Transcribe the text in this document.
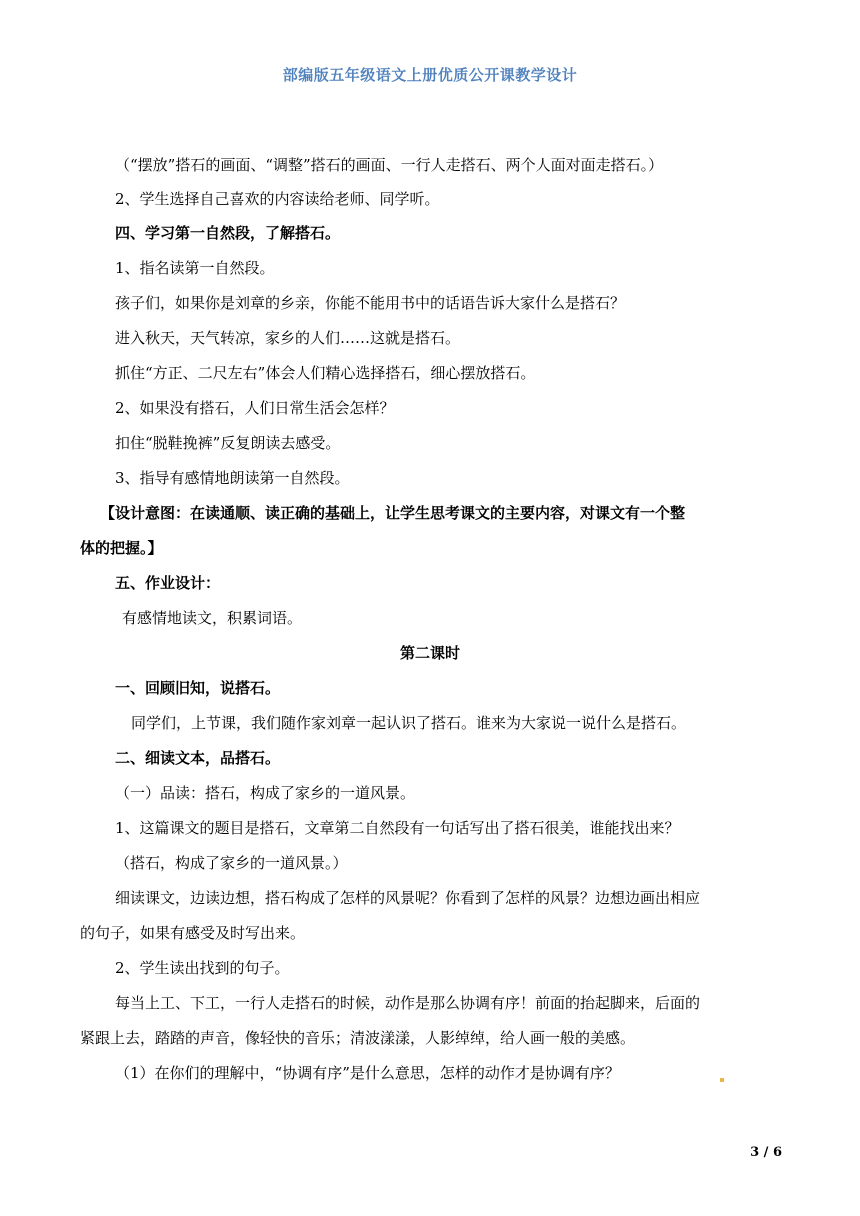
部编版五年级语文上册优质公开课教学设计
（“摆放”搭石的画面、“调整”搭石的画面、一行人走搭石、两个人面对面走搭石。）
2、学生选择自己喜欢的内容读给老师、同学听。
四、学习第一自然段，了解搭石。
1、指名读第一自然段。
孩子们，如果你是刘章的乡亲，你能不能用书中的话语告诉大家什么是搭石？
进入秋天，天气转凉，家乡的人们……这就是搭石。
抓住“方正、二尺左右”体会人们精心选择搭石，细心摆放搭石。
2、如果没有搭石，人们日常生活会怎样？
扣住“脱鞋挽裤”反复朗读去感受。
3、指导有感情地朗读第一自然段。
【设计意图：在读通顺、读正确的基础上，让学生思考课文的主要内容，对课文有一个整
体的把握。】
五、作业设计：
有感情地读文，积累词语。
第二课时
一、回顾旧知，说搭石。
同学们，上节课，我们随作家刘章一起认识了搭石。谁来为大家说一说什么是搭石。
二、细读文本，品搭石。
（一）品读：搭石，构成了家乡的一道风景。
1、这篇课文的题目是搭石，文章第二自然段有一句话写出了搭石很美，谁能找出来？
（搭石，构成了家乡的一道风景。）
细读课文，边读边想，搭石构成了怎样的风景呢？你看到了怎样的风景？边想边画出相应
的句子，如果有感受及时写出来。
2、学生读出找到的句子。
每当上工、下工，一行人走搭石的时候，动作是那么协调有序！前面的抬起脚来，后面的
紧跟上去，踏踏的声音，像轻快的音乐；清波漾漾，人影绰绰，给人画一般的美感。
（1）在你们的理解中，“协调有序”是什么意思，怎样的动作才是协调有序？
3 / 6
